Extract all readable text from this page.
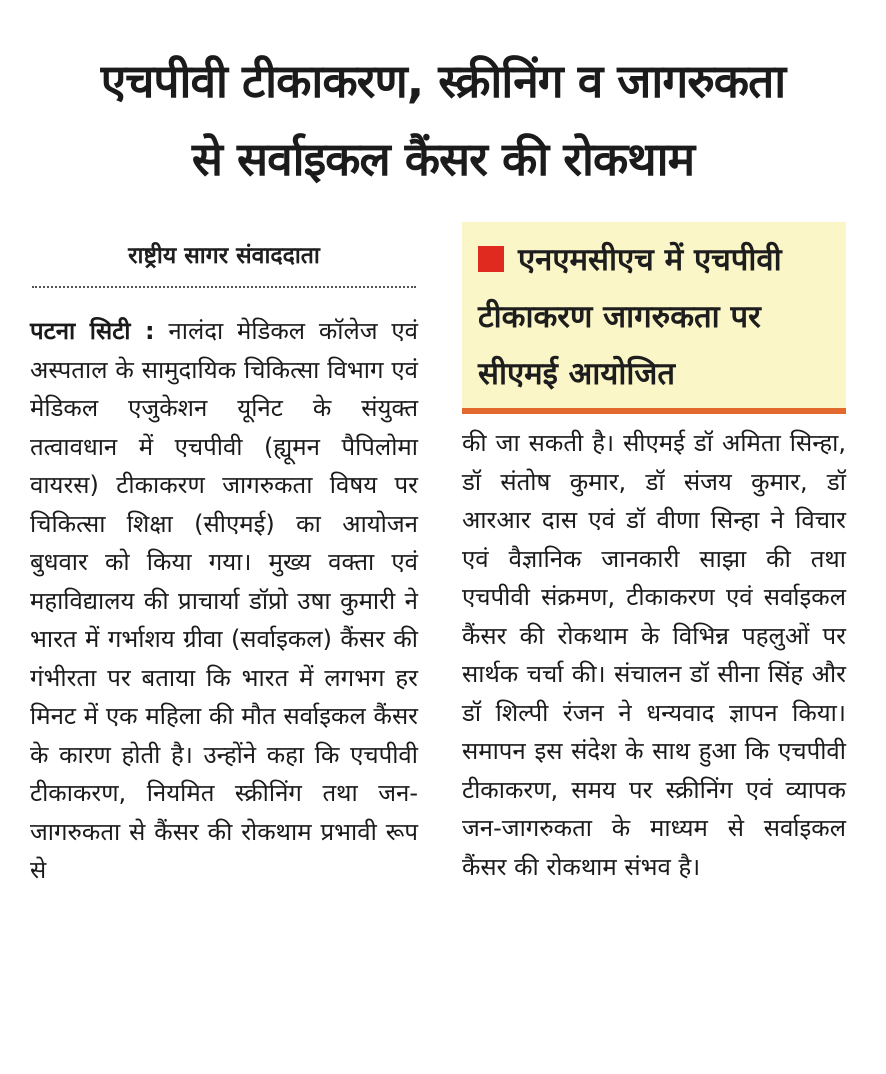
एचपीवी टीकाकरण, स्क्रीनिंग व जागरुकता
से सर्वाइकल कैंसर की रोकथाम
राष्ट्रीय सागर संवाददाता
पटना सिटी : नालंदा मेडिकल कॉलेज एवं अस्पताल के सामुदायिक चिकित्सा विभाग एवं मेडिकल एजुकेशन यूनिट के संयुक्त तत्वावधान में एचपीवी (ह्यूमन पैपिलोमा वायरस) टीकाकरण जागरुकता विषय पर चिकित्सा शिक्षा (सीएमई) का आयोजन बुधवार को किया गया। मुख्य वक्ता एवं महाविद्यालय की प्राचार्या डॉप्रो उषा कुमारी ने भारत में गर्भाशय ग्रीवा (सर्वाइकल) कैंसर की गंभीरता पर बताया कि भारत में लगभग हर मिनट में एक महिला की मौत सर्वाइकल कैंसर के कारण होती है। उन्होंने कहा कि एचपीवी टीकाकरण, नियमित स्क्रीनिंग तथा जन-जागरुकता से कैंसर की रोकथाम प्रभावी रूप से
एनएमसीएच में एचपीवी टीकाकरण जागरुकता पर सीएमई आयोजित
की जा सकती है। सीएमई डॉ अमिता सिन्हा, डॉ संतोष कुमार, डॉ संजय कुमार, डॉ आरआर दास एवं डॉ वीणा सिन्हा ने विचार एवं वैज्ञानिक जानकारी साझा की तथा एचपीवी संक्रमण, टीकाकरण एवं सर्वाइकल कैंसर की रोकथाम के विभिन्न पहलुओं पर सार्थक चर्चा की। संचालन डॉ सीना सिंह और डॉ शिल्पी रंजन ने धन्यवाद ज्ञापन किया। समापन इस संदेश के साथ हुआ कि एचपीवी टीकाकरण, समय पर स्क्रीनिंग एवं व्यापक जन-जागरुकता के माध्यम से सर्वाइकल कैंसर की रोकथाम संभव है।
